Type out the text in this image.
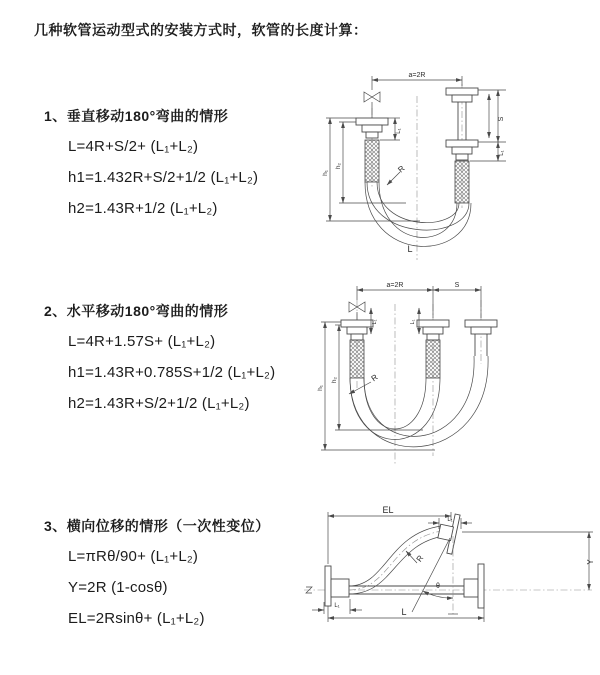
几种软管运动型式的安装方式时，软管的长度计算：
1、垂直移动180°弯曲的情形
L=4R+S/2+ (L₁+L₂)
h1=1.432R+S/2+1/2 (L₁+L₂)
h2=1.43R+1/2 (L₁+L₂)
2、水平移动180°弯曲的情形
L=4R+1.57S+ (L₁+L₂)
h1=1.43R+0.785S+1/2 (L₁+L₂)
h2=1.43R+S/2+1/2 (L₁+L₂)
3、横向位移的情形（一次性变位）
L=πRθ/90+ (L₁+L₂)
Y=2R (1-cosθ)
EL=2Rsinθ+ (L₁+L₂)
a=2R
R
L
h₁
h₂
S
L₁
L₁
a=2R	S
h₁
h₂
L₁	L₁
R
EL
L₁
Y
θ
R
L₁
L
